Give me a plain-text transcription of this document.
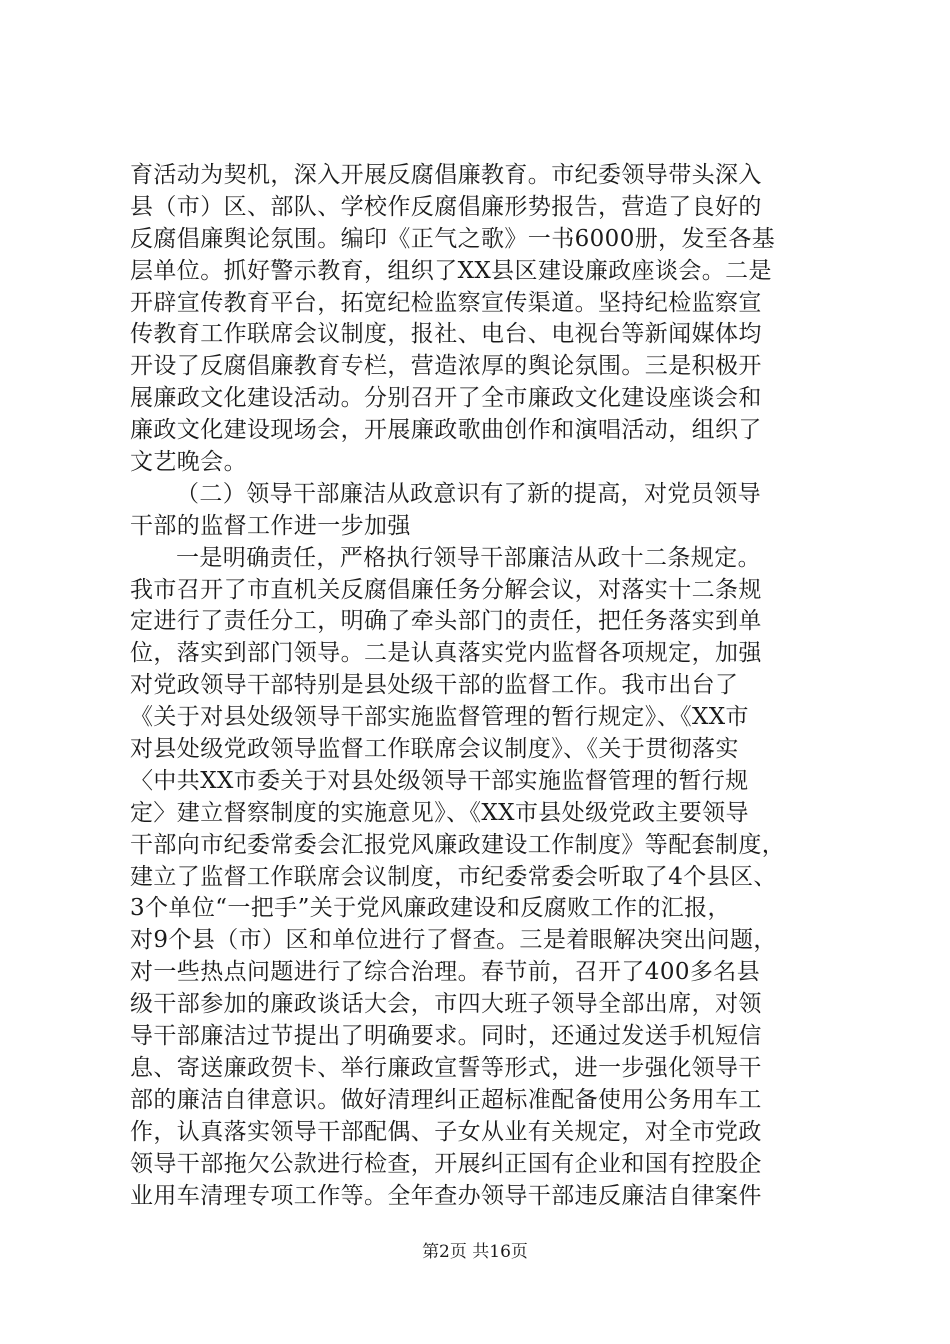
育活动为契机，深入开展反腐倡廉教育。市纪委领导带头深入
县（市）区、部队、学校作反腐倡廉形势报告，营造了良好的
反腐倡廉舆论氛围。编印《正气之歌》一书6000册，发至各基
层单位。抓好警示教育，组织了XX县区建设廉政座谈会。二是
开辟宣传教育平台，拓宽纪检监察宣传渠道。坚持纪检监察宣
传教育工作联席会议制度，报社、电台、电视台等新闻媒体均
开设了反腐倡廉教育专栏，营造浓厚的舆论氛围。三是积极开
展廉政文化建设活动。分别召开了全市廉政文化建设座谈会和
廉政文化建设现场会，开展廉政歌曲创作和演唱活动，组织了
文艺晚会。
（二）领导干部廉洁从政意识有了新的提高，对党员领导
干部的监督工作进一步加强
一是明确责任，严格执行领导干部廉洁从政十二条规定。
我市召开了市直机关反腐倡廉任务分解会议，对落实十二条规
定进行了责任分工，明确了牵头部门的责任，把任务落实到单
位，落实到部门领导。二是认真落实党内监督各项规定，加强
对党政领导干部特别是县处级干部的监督工作。我市出台了
《关于对县处级领导干部实施监督管理的暂行规定》、《XX市
对县处级党政领导监督工作联席会议制度》、《关于贯彻落实
〈中共XX市委关于对县处级领导干部实施监督管理的暂行规
定〉建立督察制度的实施意见》、《XX市县处级党政主要领导
干部向市纪委常委会汇报党风廉政建设工作制度》等配套制度，
建立了监督工作联席会议制度，市纪委常委会听取了4个县区、
3个单位“一把手”关于党风廉政建设和反腐败工作的汇报，
对9个县（市）区和单位进行了督查。三是着眼解决突出问题，
对一些热点问题进行了综合治理。春节前，召开了400多名县
级干部参加的廉政谈话大会，市四大班子领导全部出席，对领
导干部廉洁过节提出了明确要求。同时，还通过发送手机短信
息、寄送廉政贺卡、举行廉政宣誓等形式，进一步强化领导干
部的廉洁自律意识。做好清理纠正超标准配备使用公务用车工
作，认真落实领导干部配偶、子女从业有关规定，对全市党政
领导干部拖欠公款进行检查，开展纠正国有企业和国有控股企
业用车清理专项工作等。全年查办领导干部违反廉洁自律案件
第2页 共16页
